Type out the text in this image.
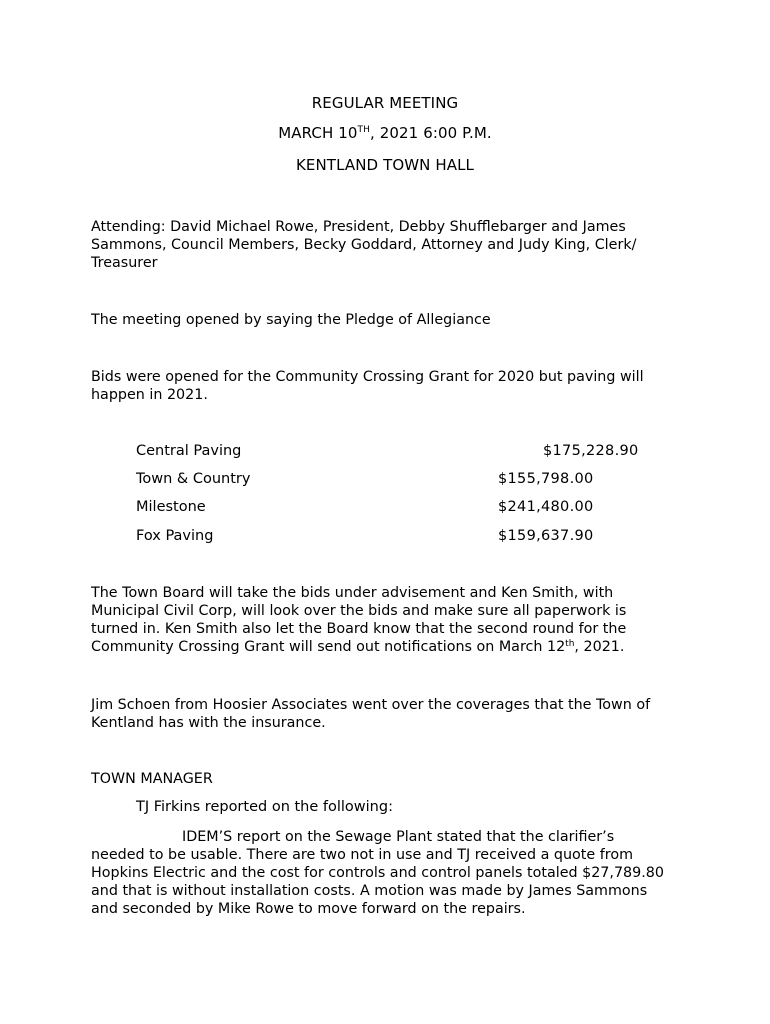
REGULAR MEETING
MARCH 10TH, 2021 6:00 P.M.
KENTLAND TOWN HALL
Attending: David Michael Rowe, President, Debby Shufflebarger and James Sammons, Council Members, Becky Goddard, Attorney and Judy King, Clerk/ Treasurer
The meeting opened by saying the Pledge of Allegiance
Bids were opened for the Community Crossing Grant for 2020 but paving will happen in 2021.
Central Paving	$175,228.90
Town & Country	$155,798.00
Milestone	$241,480.00
Fox Paving	$159,637.90
The Town Board will take the bids under advisement and Ken Smith, with Municipal Civil Corp, will look over the bids and make sure all paperwork is turned in. Ken Smith also let the Board know that the second round for the Community Crossing Grant will send out notifications on March 12th, 2021.
Jim Schoen from Hoosier Associates went over the coverages that the Town of Kentland has with the insurance.
TOWN MANAGER
TJ Firkins reported on the following:
IDEM’S report on the Sewage Plant stated that the clarifier’s needed to be usable. There are two not in use and TJ received a quote from Hopkins Electric and the cost for controls and control panels totaled $27,789.80 and that is without installation costs. A motion was made by James Sammons and seconded by Mike Rowe to move forward on the repairs.
